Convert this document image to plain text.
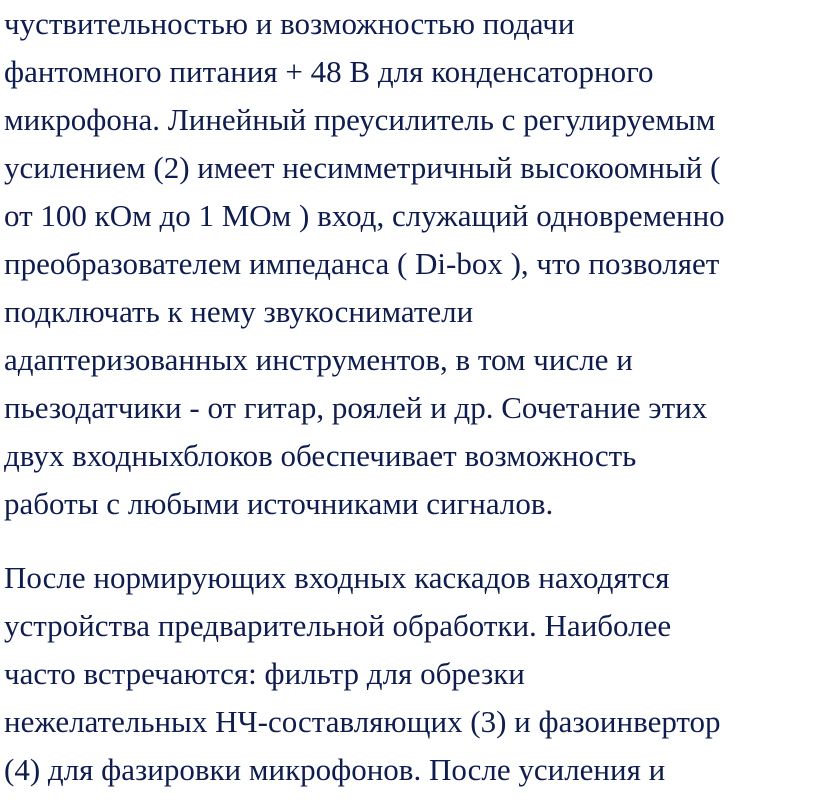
чуствительностью и возможностью подачи
фантомного питания + 48 В для конденсаторного
микрофона. Линейный преусилитель с регулируемым
усилением (2) имеет несимметричный высокоомный (
от 100 кОм до 1 МОм ) вход, служащий одновременно
преобразователем импеданса ( Di-box ), что позволяет
подключать к нему звукосниматели
адаптеризованных инструментов, в том числе и
пьезодатчики - от гитар, роялей и др. Сочетание этих
двух входныхблоков обеспечивает возможность
работы с любыми источниками сигналов.
После нормирующих входных каскадов находятся
устройства предварительной обработки. Наиболее
часто встречаются: фильтр для обрезки
нежелательных НЧ-составляющих (3) и фазоинвертор
(4) для фазировки микрофонов. После усиления и
